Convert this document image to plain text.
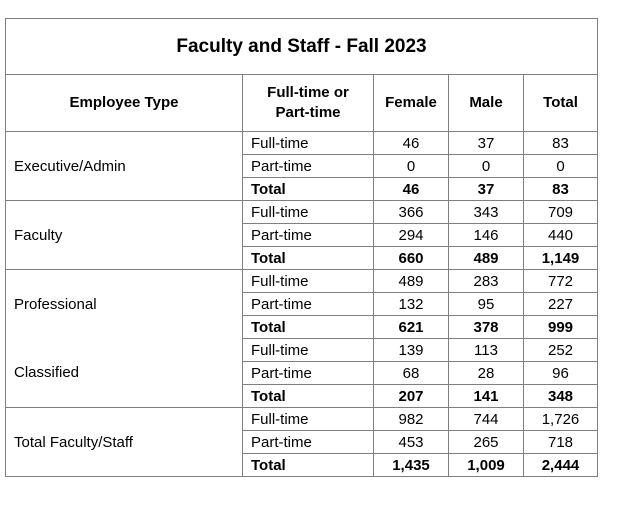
Faculty and Staff - Fall 2023				
Employee Type	Full-time or Part-time	Female	Male	Total
Executive/Admin	Full-time	46	37	83
	Part-time	0	0	0
	Total	46	37	83
Faculty	Full-time	366	343	709
	Part-time	294	146	440
	Total	660	489	1,149
Professional	Full-time	489	283	772
	Part-time	132	95	227
	Total	621	378	999
Classified	Full-time	139	113	252
	Part-time	68	28	96
	Total	207	141	348
Total Faculty/Staff	Full-time	982	744	1,726
	Part-time	453	265	718
	Total	1,435	1,009	2,444
